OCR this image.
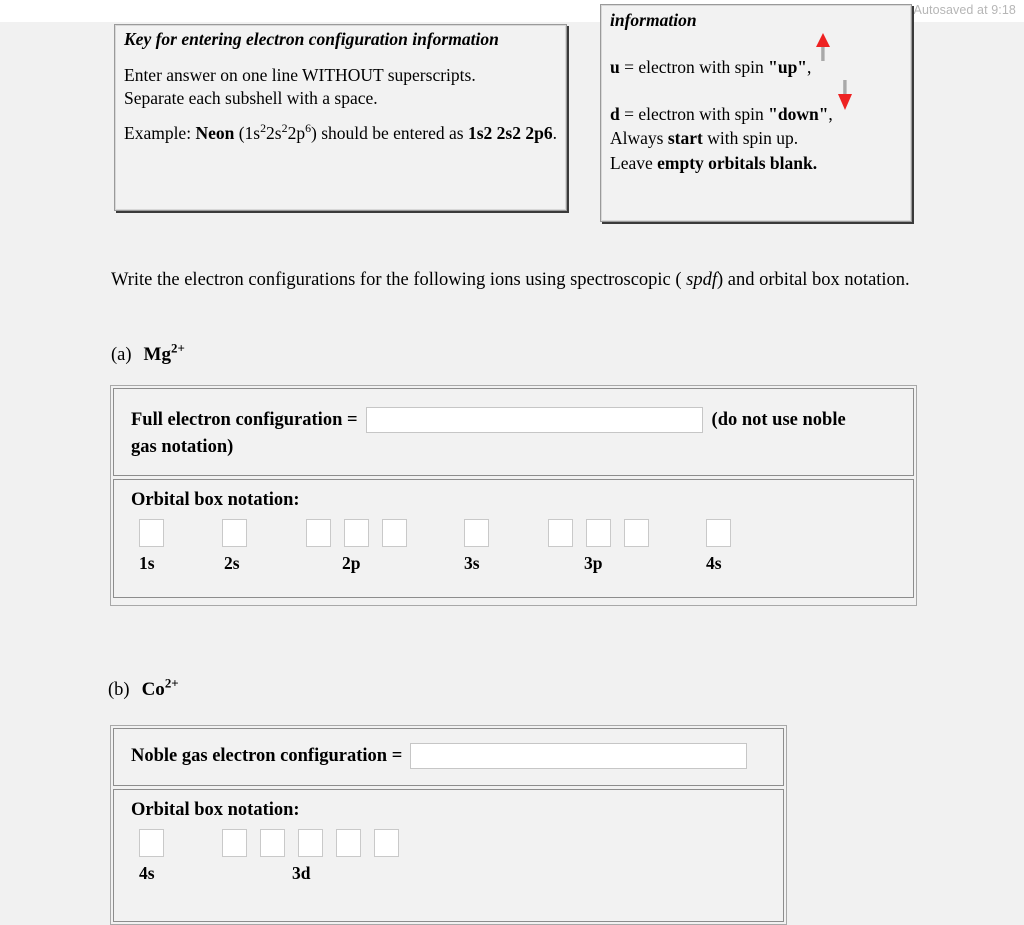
Autosaved at 9:18
Key for entering electron configuration information
Enter answer on one line WITHOUT superscripts.
Separate each subshell with a space.
Example: Neon $(1s^22s^22p^6)$ should be entered as 1s2 2s2 2p6.
information
u = electron with spin "up",
d = electron with spin "down",
Always start with spin up.
Leave empty orbitals blank.
Write the electron configurations for the following ions using spectroscopic ( spdf) and orbital box notation.
(a) $Mg^{2+}$
Full electron configuration =	(do not use noble
gas notation)
Orbital box notation:
1s	2s	2p	3s	3p	4s
(b) $Co^{2+}$
Noble gas electron configuration =
Orbital box notation:
4s	3d
